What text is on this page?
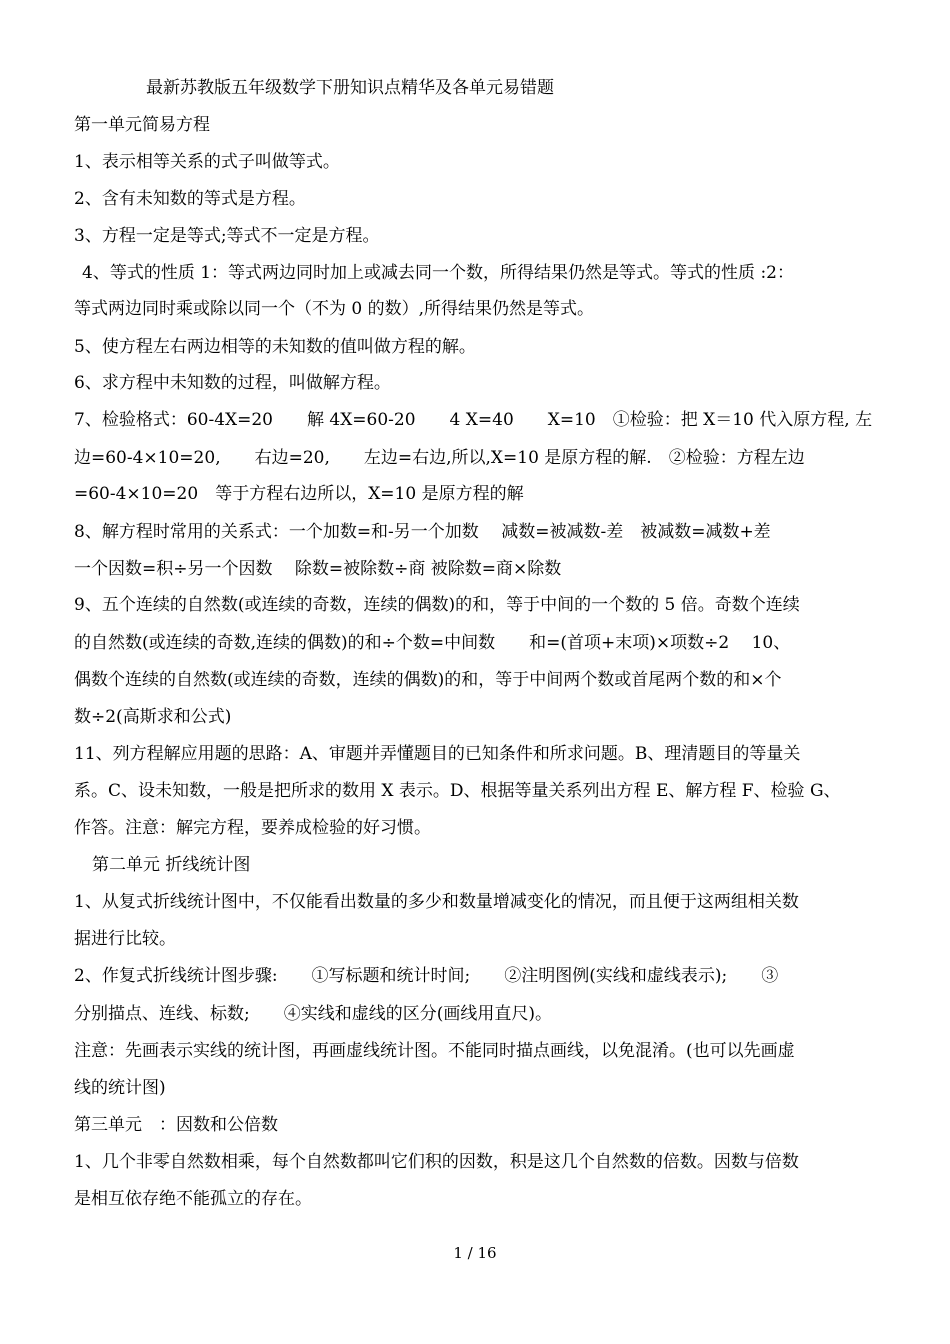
最新苏教版五年级数学下册知识点精华及各单元易错题
第一单元简易方程
1、表示相等关系的式子叫做等式。
2、含有未知数的等式是方程。
3、方程一定是等式;等式不一定是方程。
4、等式的性质 1：等式两边同时加上或减去同一个数，所得结果仍然是等式。等式的性质 :2：
等式两边同时乘或除以同一个（不为 0 的数）,所得结果仍然是等式。
5、使方程左右两边相等的未知数的值叫做方程的解。
6、求方程中未知数的过程，叫做解方程。
7、检验格式：60-4X=20　　解 4X=60-20　　4 X=40　　X=10　①检验：把 X＝10 代入原方程, 左
边=60-4×10=20,　　右边=20,　　左边=右边,所以,X=10 是原方程的解.　②检验：方程左边
=60-4×10=20　等于方程右边所以，X=10 是原方程的解
8、解方程时常用的关系式：一个加数=和-另一个加数　 减数=被减数-差　被减数=减数+差
一个因数=积÷另一个因数　 除数=被除数÷商 被除数=商×除数
9、五个连续的自然数(或连续的奇数，连续的偶数)的和，等于中间的一个数的 5 倍。奇数个连续
的自然数(或连续的奇数,连续的偶数)的和÷个数=中间数　　和=(首项+末项)×项数÷2　 10、
偶数个连续的自然数(或连续的奇数，连续的偶数)的和，等于中间两个数或首尾两个数的和×个
数÷2(高斯求和公式)
11、列方程解应用题的思路：A、审题并弄懂题目的已知条件和所求问题。B、理清题目的等量关
系。C、设未知数，一般是把所求的数用 X 表示。D、根据等量关系列出方程 E、解方程 F、检验 G、
作答。注意：解完方程，要养成检验的好习惯。
第二单元 折线统计图
1、从复式折线统计图中，不仅能看出数量的多少和数量增减变化的情况，而且便于这两组相关数
据进行比较。
2、作复式折线统计图步骤:　　①写标题和统计时间;　　②注明图例(实线和虚线表示);　　③
分别描点、连线、标数;　　④实线和虚线的区分(画线用直尺)。
注意：先画表示实线的统计图，再画虚线统计图。不能同时描点画线，以免混淆。(也可以先画虚
线的统计图)
第三单元　：因数和公倍数
1、几个非零自然数相乘，每个自然数都叫它们积的因数，积是这几个自然数的倍数。因数与倍数
是相互依存绝不能孤立的存在。
1 / 16
